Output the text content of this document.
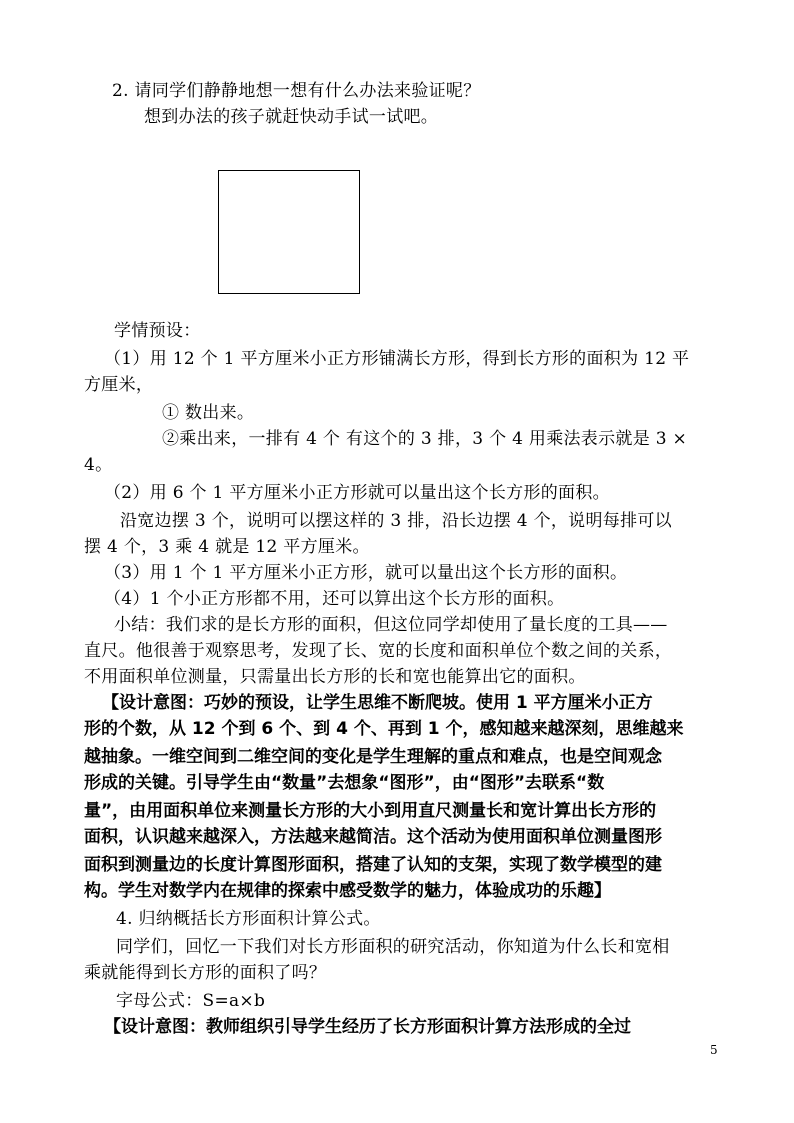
2. 请同学们静静地想一想有什么办法来验证呢？
想到办法的孩子就赶快动手试一试吧。
学情预设：
（1）用 12 个 1 平方厘米小正方形铺满长方形，得到长方形的面积为 12 平
方厘米，
① 数出来。
②乘出来，一排有 4 个 有这个的 3 排，3 个 4 用乘法表示就是 3 ×
4。
（2）用 6 个 1 平方厘米小正方形就可以量出这个长方形的面积。
沿宽边摆 3 个，说明可以摆这样的 3 排，沿长边摆 4 个，说明每排可以
摆 4 个，3 乘 4 就是 12 平方厘米。
（3）用 1 个 1 平方厘米小正方形，就可以量出这个长方形的面积。
（4）1 个小正方形都不用，还可以算出这个长方形的面积。
小结：我们求的是长方形的面积，但这位同学却使用了量长度的工具——
直尺。他很善于观察思考，发现了长、宽的长度和面积单位个数之间的关系，
不用面积单位测量，只需量出长方形的长和宽也能算出它的面积。
【设计意图：巧妙的预设，让学生思维不断爬坡。使用 1 平方厘米小正方
形的个数，从 12 个到 6 个、到 4 个、再到 1 个，感知越来越深刻，思维越来
越抽象。一维空间到二维空间的变化是学生理解的重点和难点，也是空间观念
形成的关键。引导学生由“数量”去想象“图形”，由“图形”去联系“数
量”，由用面积单位来测量长方形的大小到用直尺测量长和宽计算出长方形的
面积，认识越来越深入，方法越来越简洁。这个活动为使用面积单位测量图形
面积到测量边的长度计算图形面积，搭建了认知的支架，实现了数学模型的建
构。学生对数学内在规律的探索中感受数学的魅力，体验成功的乐趣】
4. 归纳概括长方形面积计算公式。
同学们，回忆一下我们对长方形面积的研究活动，你知道为什么长和宽相
乘就能得到长方形的面积了吗？
字母公式：S=a×b
【设计意图：教师组织引导学生经历了长方形面积计算方法形成的全过
5
